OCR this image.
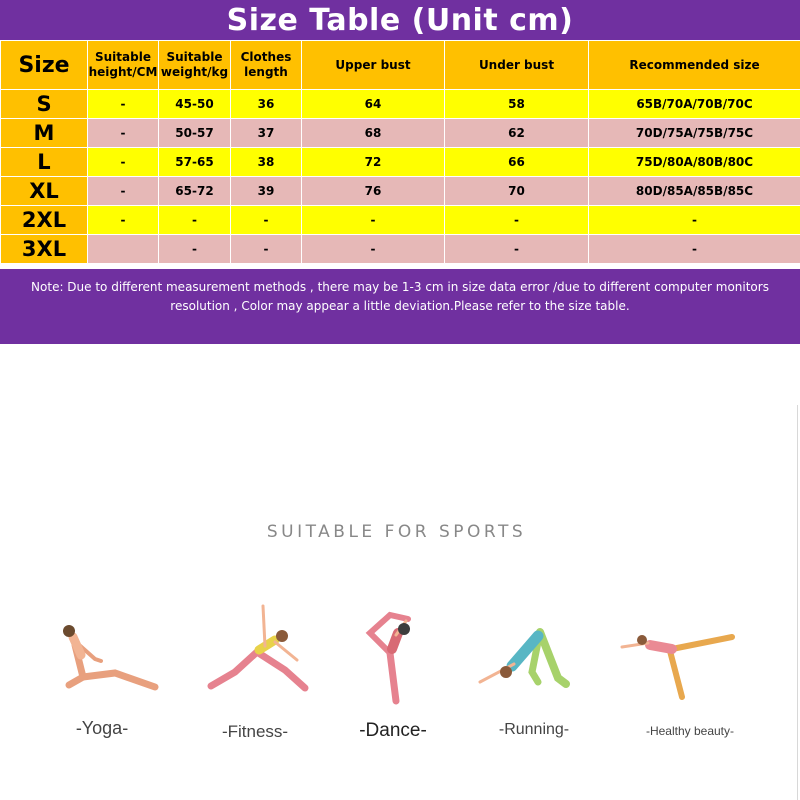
Size Table (Unit cm)
Size	Suitable height/CM	Suitable weight/kg	Clothes length	Upper bust	Under bust	Recommended size
S	-	45-50	36	64	58	65B/70A/70B/70C
M	-	50-57	37	68	62	70D/75A/75B/75C
L	-	57-65	38	72	66	75D/80A/80B/80C
XL	-	65-72	39	76	70	80D/85A/85B/85C
2XL	-	-	-	-	-	-
3XL		-	-	-	-	-
Note: Due to different measurement methods , there may be 1-3 cm in size data error /due to different computer monitors resolution , Color may appear a little deviation.Please refer to the size table.
SUITABLE FOR SPORTS
-Yoga-	-Fitness-	-Dance-	-Running-	-Healthy beauty-
